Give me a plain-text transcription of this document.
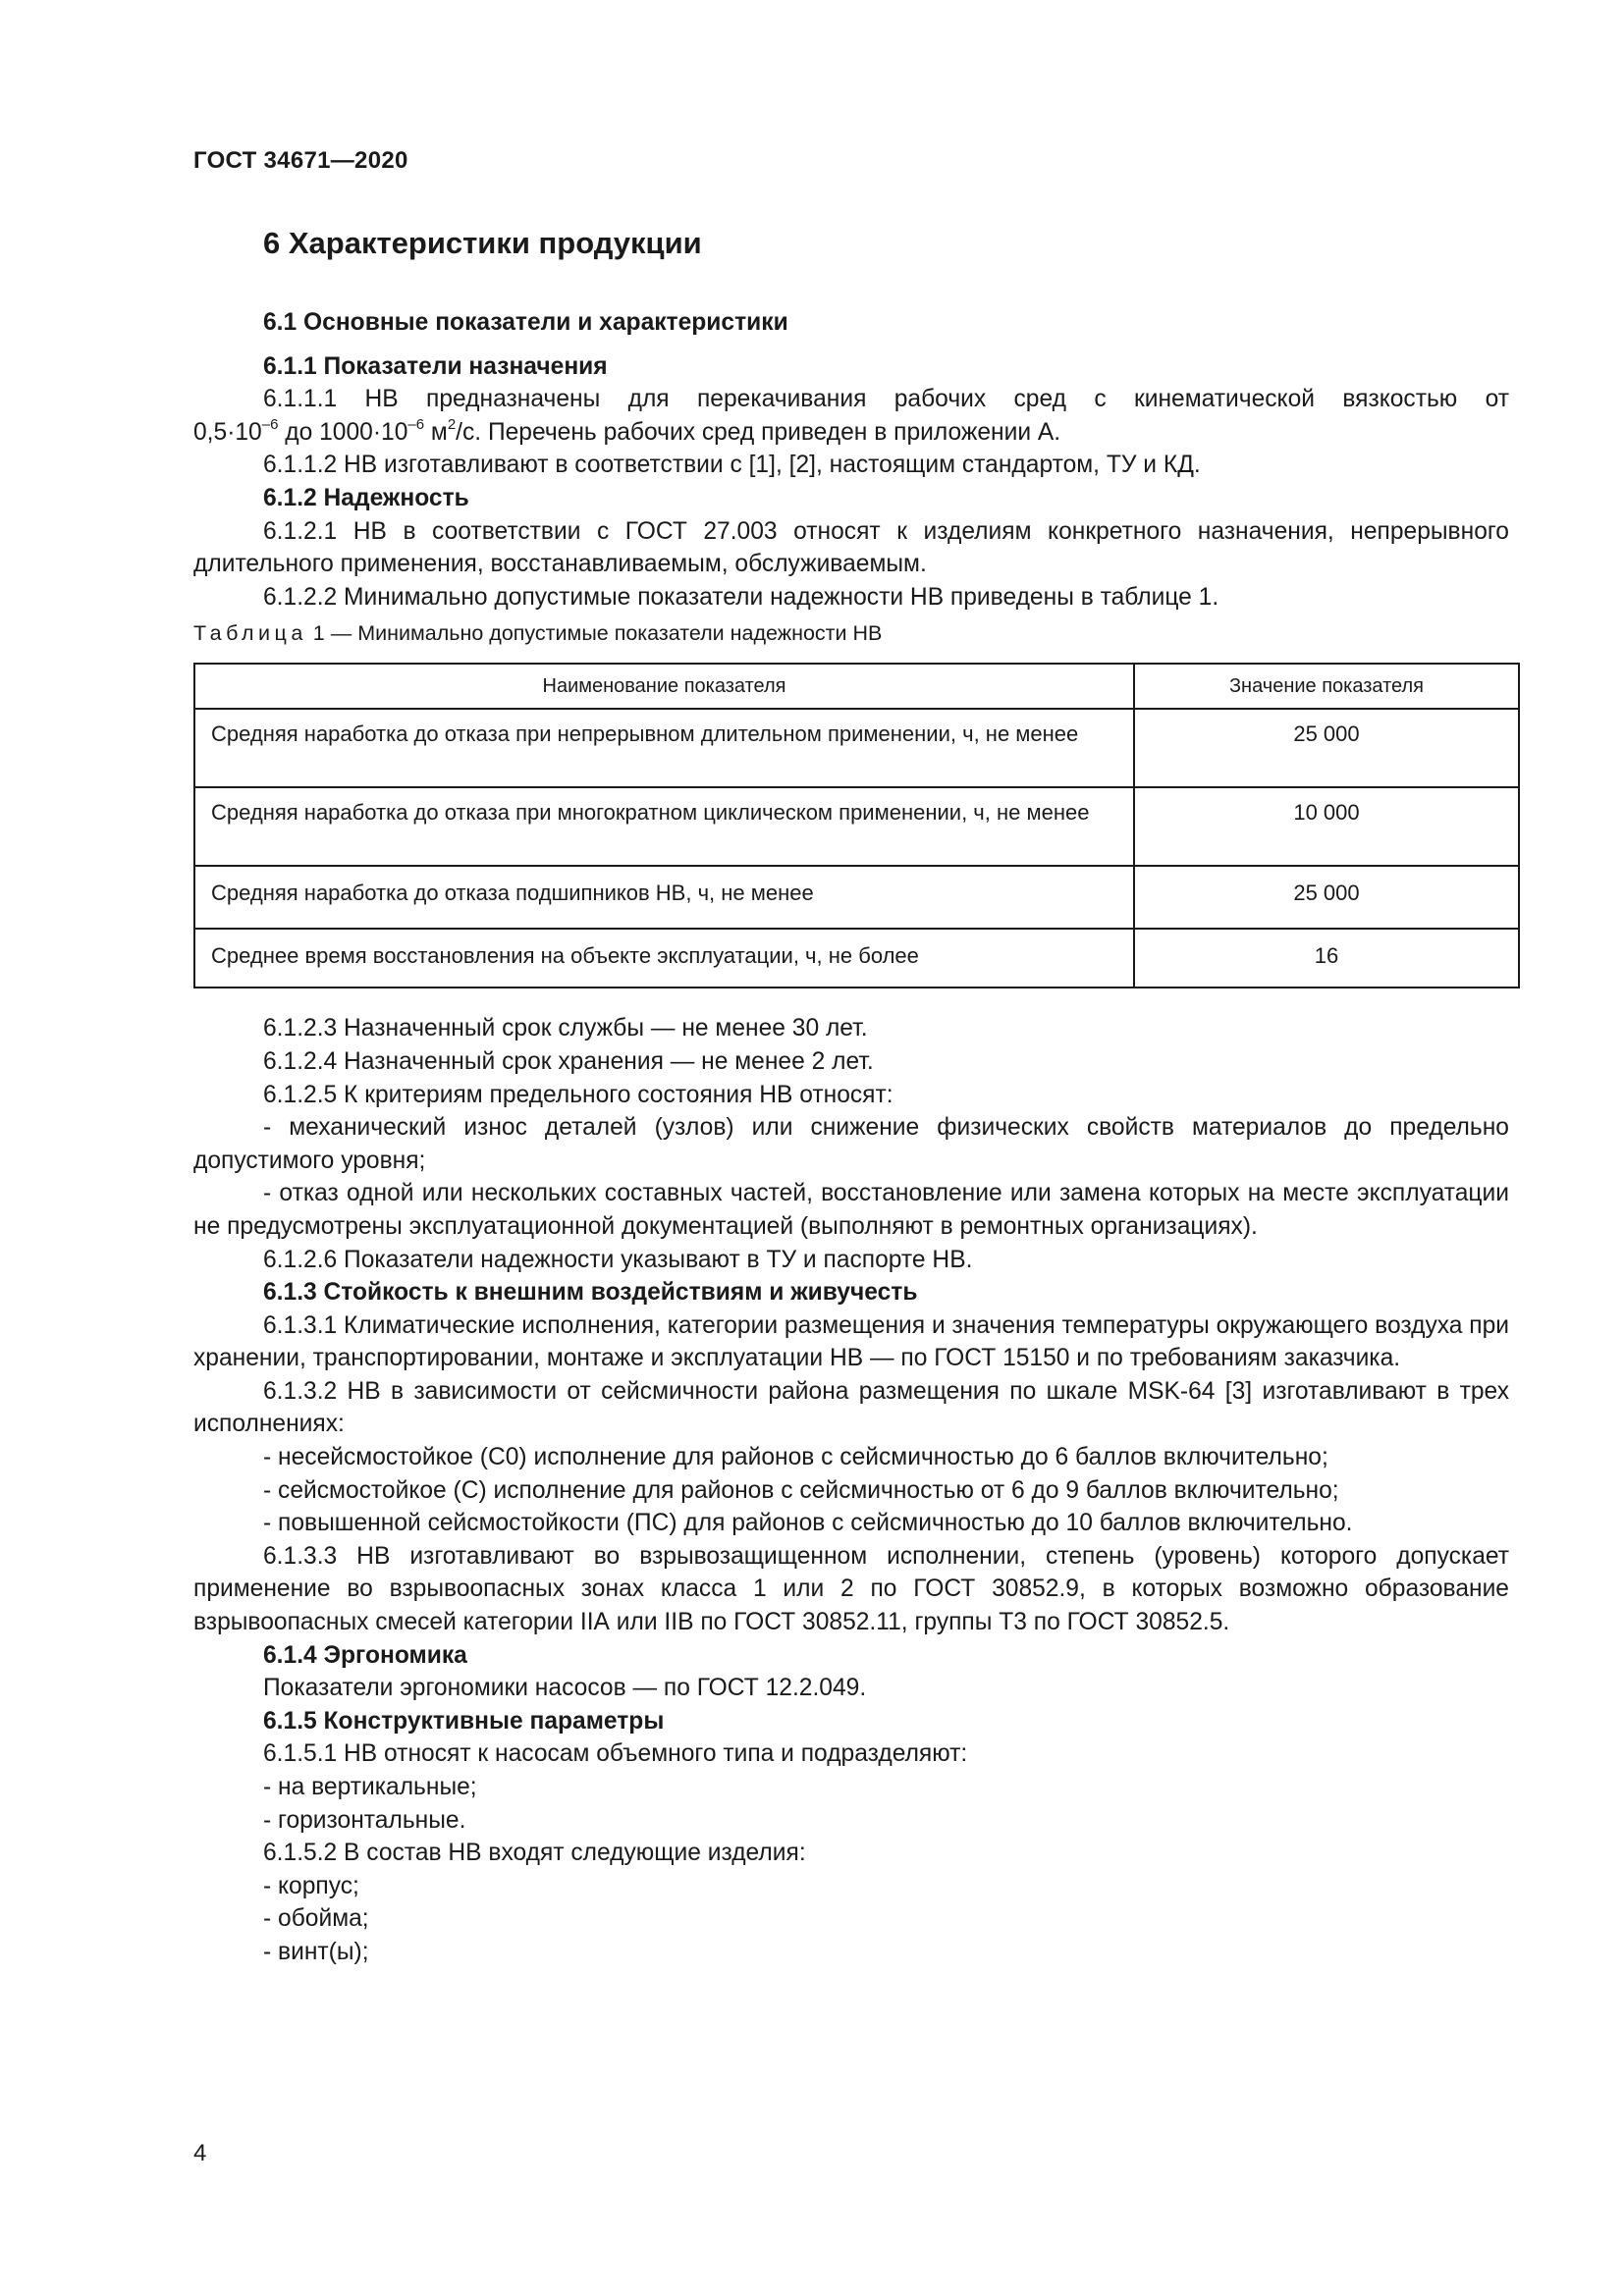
ГОСТ 34671—2020
6 Характеристики продукции

6.1 Основные показатели и характеристики

6.1.1 Показатели назначения

6.1.1.1 НВ предназначены для перекачивания рабочих сред с кинематической вязкостью от

$0,5\cdot 10^{-6}$ до $1000\cdot 10^{-6}$ $м^2/с$. Перечень рабочих сред приведен в приложении А.

6.1.1.2 НВ изготавливают в соответствии с [1], [2], настоящим стандартом, ТУ и КД.

6.1.2 Надежность

6.1.2.1 НВ в соответствии с ГОСТ 27.003 относят к изделиям конкретного назначения, непрерывного длительного применения, восстанавливаемым, обслуживаемым.

6.1.2.2 Минимально допустимые показатели надежности НВ приведены в таблице 1.

Таблица 1 — Минимально допустимые показатели надежности НВ
Наименование показателя	Значение показателя
Средняя наработка до отказа при непрерывном длительном применении, ч, не менее	25 000
Средняя наработка до отказа при многократном циклическом применении, ч, не менее	10 000
Средняя наработка до отказа подшипников НВ, ч, не менее	25 000
Среднее время восстановления на объекте эксплуатации, ч, не более	16

6.1.2.3 Назначенный срок службы — не менее 30 лет.

6.1.2.4 Назначенный срок хранения — не менее 2 лет.

6.1.2.5 К критериям предельного состояния НВ относят:

- механический износ деталей (узлов) или снижение физических свойств материалов до предельно допустимого уровня;

- отказ одной или нескольких составных частей, восстановление или замена которых на месте эксплуатации не предусмотрены эксплуатационной документацией (выполняют в ремонтных организациях).

6.1.2.6 Показатели надежности указывают в ТУ и паспорте НВ.

6.1.3 Стойкость к внешним воздействиям и живучесть

6.1.3.1 Климатические исполнения, категории размещения и значения температуры окружающего воздуха при хранении, транспортировании, монтаже и эксплуатации НВ — по ГОСТ 15150 и по требованиям заказчика.

6.1.3.2 НВ в зависимости от сейсмичности района размещения по шкале MSK-64 [3] изготавливают в трех исполнениях:

- несейсмостойкое (С0) исполнение для районов с сейсмичностью до 6 баллов включительно;

- сейсмостойкое (С) исполнение для районов с сейсмичностью от 6 до 9 баллов включительно;

- повышенной сейсмостойкости (ПС) для районов с сейсмичностью до 10 баллов включительно.

6.1.3.3 НВ изготавливают во взрывозащищенном исполнении, степень (уровень) которого допускает применение во взрывоопасных зонах класса 1 или 2 по ГОСТ 30852.9, в которых возможно образование взрывоопасных смесей категории IIА или IIВ по ГОСТ 30852.11, группы Т3 по ГОСТ 30852.5.

6.1.4 Эргономика

Показатели эргономики насосов — по ГОСТ 12.2.049.

6.1.5 Конструктивные параметры

6.1.5.1 НВ относят к насосам объемного типа и подразделяют:

- на вертикальные;

- горизонтальные.

6.1.5.2 В состав НВ входят следующие изделия:

- корпус;

- обойма;

- винт(ы);

4
